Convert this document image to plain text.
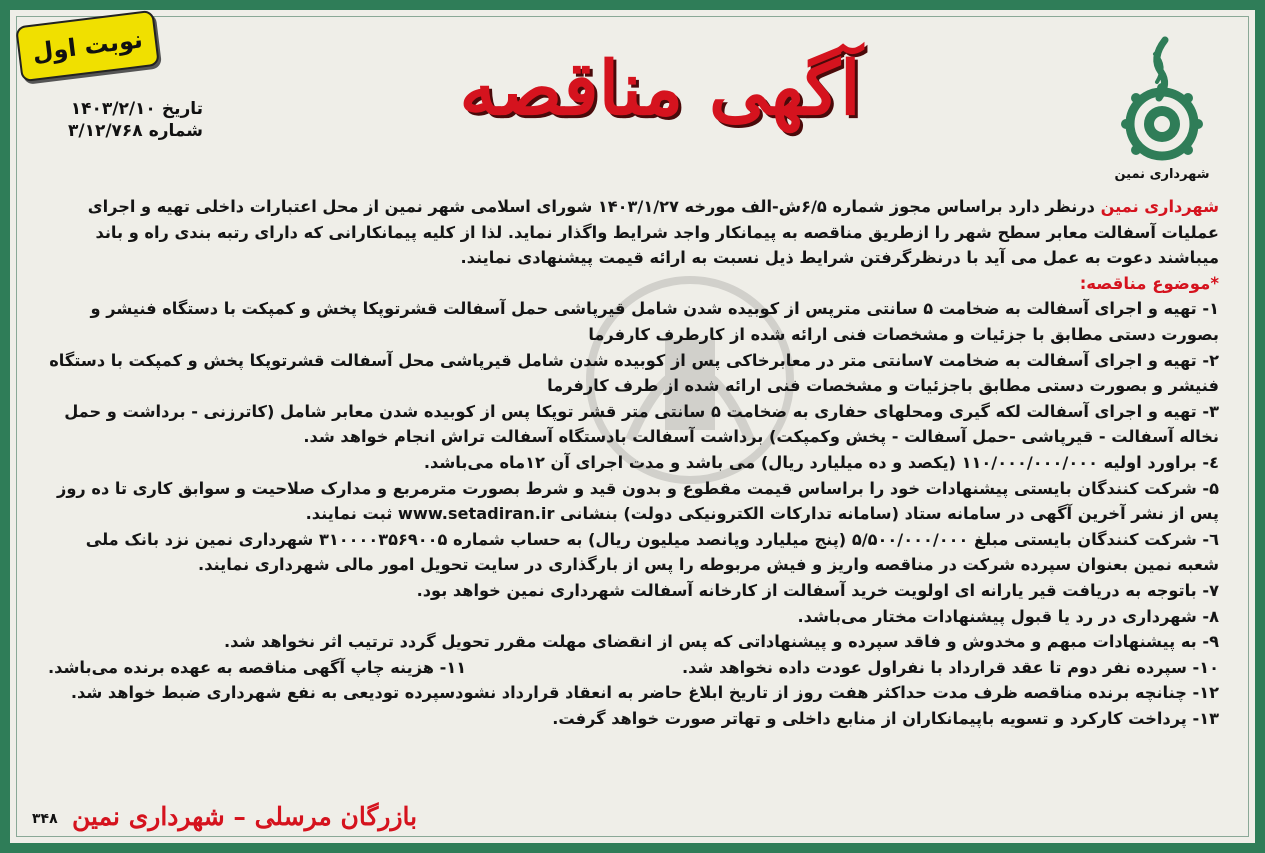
نوبت اول
تاریخ
۱۴۰۳/۲/۱۰
شماره
۳/۱۲/۷۶۸	آگهی مناقصه
شهرداری نمین

شهرداری نمین درنظر دارد براساس مجوز شماره ۶/۵ش-الف مورخه ۱۴۰۳/۱/۲۷ شورای اسلامی شهر نمین از محل اعتبارات داخلی تهیه و اجرای عملیات آسفالت معابر سطح شهر را ازطریق مناقصه به پیمانکار واجد شرایط واگذار نماید. لذا از کلیه پیمانکارانی که دارای رتبه بندی راه و باند میباشند دعوت به عمل می آید با درنظرگرفتن شرایط ذیل نسبت به ارائه قیمت پیشنهادی نمایند.

*موضوع مناقصه:

۱- تهیه و اجرای آسفالت به ضخامت ۵ سانتی مترپس از کوبیده شدن شامل قیرپاشی حمل آسفالت قشرتوپکا پخش و کمپکت با دستگاه فنیشر و بصورت دستی مطابق با جزئیات و مشخصات فنی ارائه شده از کارطرف کارفرما

۲- تهیه و اجرای آسفالت به ضخامت ۷سانتی متر در معابرخاکی پس از کوبیده شدن شامل قیرپاشی محل آسفالت قشرتوپکا پخش و کمپکت با دستگاه فنیشر و بصورت دستی مطابق باجزئیات و مشخصات فنی ارائه شده از طرف کارفرما

۳- تهیه و اجرای آسفالت لکه گیری ومحلهای حفاری به ضخامت ۵ سانتی متر قشر توپکا پس از کوبیده شدن معابر شامل (کاترزنی - برداشت و حمل نخاله آسفالت - قیرپاشی -حمل آسفالت - پخش وکمپکت) برداشت آسفالت بادستگاه آسفالت تراش انجام خواهد شد.

٤- براورد اولیه ۱۱۰/۰۰۰/۰۰۰/۰۰۰ (یکصد و ده میلیارد ریال) می باشد و مدت اجرای آن ۱۲ماه می‌باشد.

۵- شرکت کنندگان بایستی پیشنهادات خود را براساس قیمت مقطوع و بدون قید و شرط بصورت مترمربع و مدارک صلاحیت و سوابق کاری تا ده روز پس از نشر آخرین آگهی در سامانه ستاد (سامانه تدارکات الکترونیکی دولت) بنشانی www.setadiran.ir ثبت نمایند.

٦- شرکت کنندگان بایستی مبلغ ۵/۵۰۰/۰۰۰/۰۰۰ (پنج میلیارد وپانصد میلیون ریال) به حساب شماره ۳۱۰۰۰۰۳۵۶۹۰۰۵ شهرداری نمین نزد بانک ملی شعبه نمین بعنوان سپرده شرکت در مناقصه واریز و فیش مربوطه را پس از بارگذاری در سایت تحویل امور مالی شهرداری نمایند.

۷- باتوجه به دریافت قیر یارانه ای اولویت خرید آسفالت از کارخانه آسفالت شهرداری نمین خواهد بود.

۸- شهرداری در رد یا قبول پیشنهادات مختار می‌باشد.

۹- به پیشنهادات مبهم و مخدوش و فاقد سپرده و پیشنهاداتی که پس از انقضای مهلت مقرر تحویل گردد ترتیب اثر نخواهد شد.

۱۰- سپرده نفر دوم تا عقد قرارداد با نفراول عودت داده نخواهد شد.
۱۱- هزینه چاپ آگهی مناقصه به عهده برنده می‌باشد.

۱۲- چنانچه برنده مناقصه ظرف مدت حداکثر هفت روز از تاریخ ابلاغ حاضر به انعقاد قرارداد نشودسپرده تودیعی به نفع شهرداری ضبط خواهد شد.

۱۳- پرداخت کارکرد و تسویه باپیمانکاران از منابع داخلی و تهاتر صورت خواهد گرفت.

بازرگان مرسلی – شهرداری نمین
۳۴۸
